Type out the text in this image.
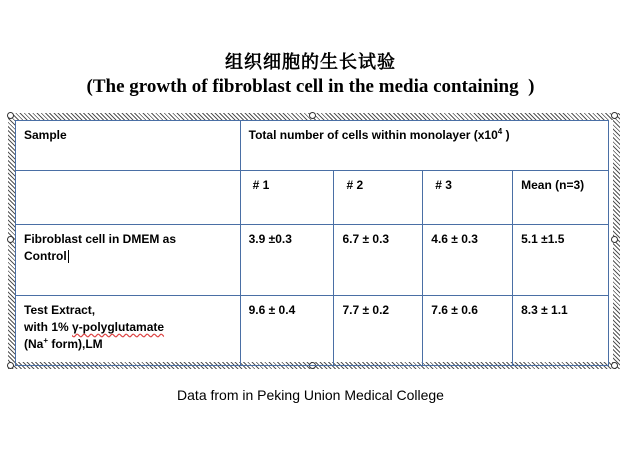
组织细胞的生长试验
(The growth of fibroblast cell in the media containing  )
Sample	Total number of cells within monolayer ($x10^4$ )			
	# 1	# 2	# 3	Mean (n=3)

Fibroblast cell in DMEM as
Control	3.9 ±0.3	6.7 ± 0.3	4.6 ± 0.3	5.1 ±1.5

Test Extract,
with 1% γ-polyglutamate
(Na+ form),LM	9.6 ± 0.4	7.7 ± 0.2	7.6 ± 0.6	8.3 ± 1.1
Data from in Peking Union Medical College
